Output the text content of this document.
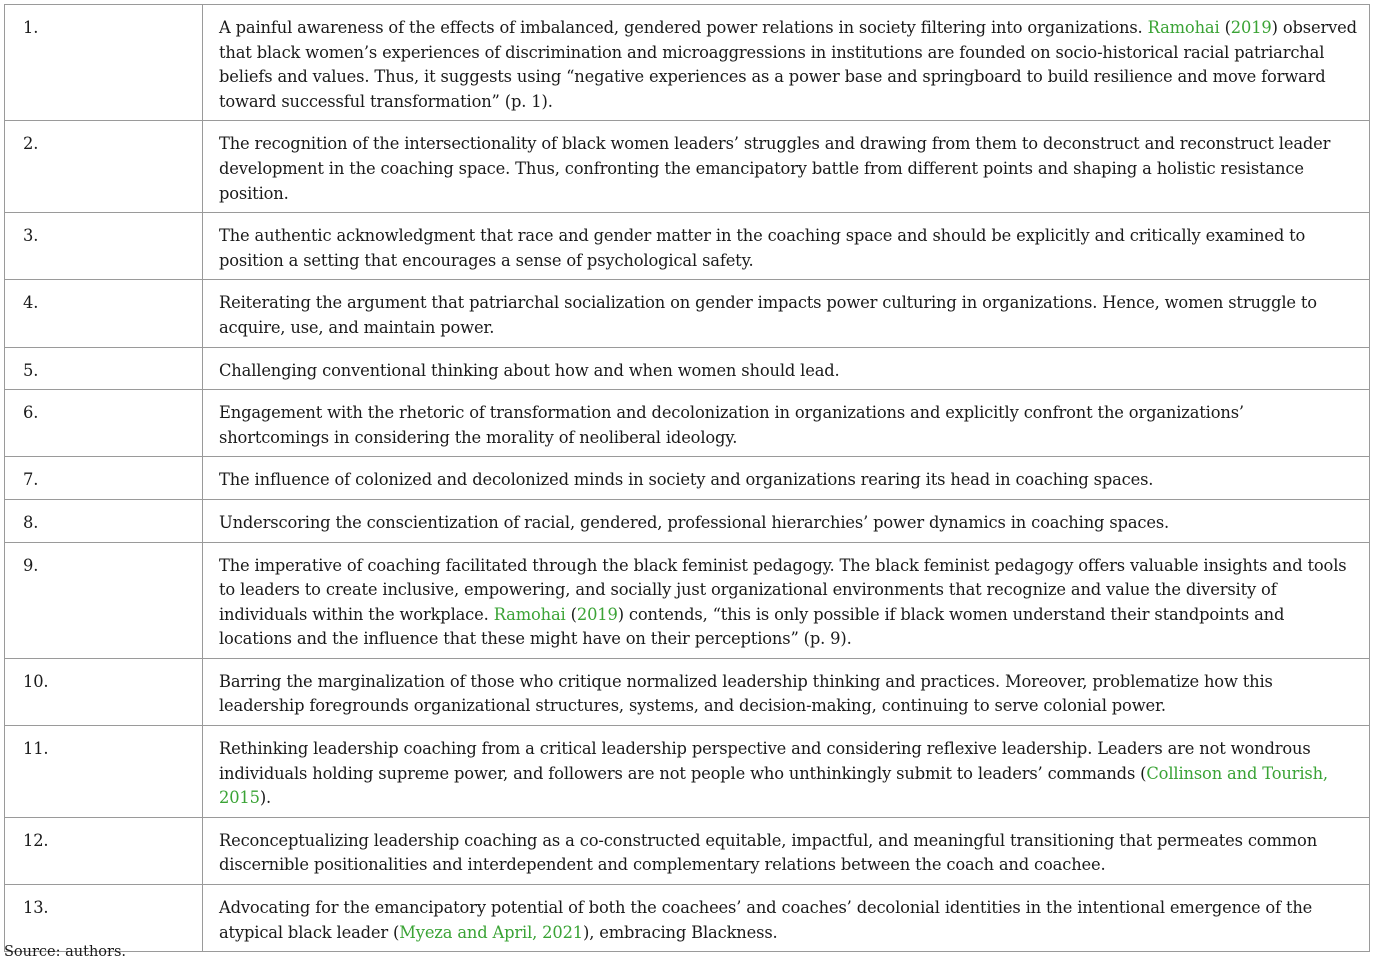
1.	A painful awareness of the effects of imbalanced, gendered power relations in society filtering into organizations. Ramohai (2019) observed that black women’s experiences of discrimination and microaggressions in institutions are founded on socio-historical racial patriarchal beliefs and values. Thus, it suggests using “negative experiences as a power base and springboard to build resilience and move forward toward successful transformation” (p. 1).
2.	The recognition of the intersectionality of black women leaders’ struggles and drawing from them to deconstruct and reconstruct leader development in the coaching space. Thus, confronting the emancipatory battle from different points and shaping a holistic resistance position.
3.	The authentic acknowledgment that race and gender matter in the coaching space and should be explicitly and critically examined to position a setting that encourages a sense of psychological safety.
4.	Reiterating the argument that patriarchal socialization on gender impacts power culturing in organizations. Hence, women struggle to acquire, use, and maintain power.
5.	Challenging conventional thinking about how and when women should lead.
6.	Engagement with the rhetoric of transformation and decolonization in organizations and explicitly confront the organizations’ shortcomings in considering the morality of neoliberal ideology.
7.	The influence of colonized and decolonized minds in society and organizations rearing its head in coaching spaces.
8.	Underscoring the conscientization of racial, gendered, professional hierarchies’ power dynamics in coaching spaces.
9.	The imperative of coaching facilitated through the black feminist pedagogy. The black feminist pedagogy offers valuable insights and tools to leaders to create inclusive, empowering, and socially just organizational environments that recognize and value the diversity of individuals within the workplace. Ramohai (2019) contends, “this is only possible if black women understand their standpoints and locations and the influence that these might have on their perceptions” (p. 9).
10.	Barring the marginalization of those who critique normalized leadership thinking and practices. Moreover, problematize how this leadership foregrounds organizational structures, systems, and decision-making, continuing to serve colonial power.
11.	Rethinking leadership coaching from a critical leadership perspective and considering reflexive leadership. Leaders are not wondrous individuals holding supreme power, and followers are not people who unthinkingly submit to leaders’ commands (Collinson and Tourish, 2015).
12.	Reconceptualizing leadership coaching as a co-constructed equitable, impactful, and meaningful transitioning that permeates common discernible positionalities and interdependent and complementary relations between the coach and coachee.
13.	Advocating for the emancipatory potential of both the coachees’ and coaches’ decolonial identities in the intentional emergence of the atypical black leader (Myeza and April, 2021), embracing Blackness.
Source: authors.
